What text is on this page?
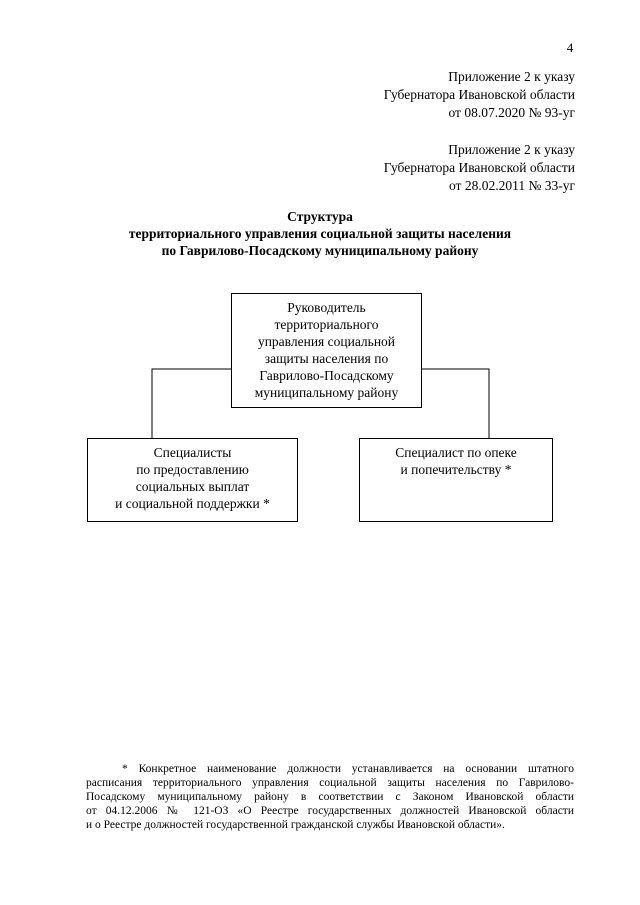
4
Приложение 2 к указу
Губернатора Ивановской области
от 08.07.2020 № 93-уг
Приложение 2 к указу
Губернатора Ивановской области
от 28.02.2011 № 33-уг
Структура
территориального управления социальной защиты населения
по Гаврилово-Посадскому муниципальному району
Руководитель
территориального
управления социальной
защиты населения по
Гаврилово-Посадскому
муниципальному району
Специалисты
по предоставлению
социальных выплат
и социальной поддержки *
Специалист по опеке
и попечительству *
* Конкретное наименование должности устанавливается на основании штатного
расписания территориального управления социальной защиты населения по Гаврилово-
Посадскому муниципальному району в соответствии с Законом Ивановской области
от 04.12.2006 № 121-ОЗ «О Реестре государственных должностей Ивановской области
и о Реестре должностей государственной гражданской службы Ивановской области».
